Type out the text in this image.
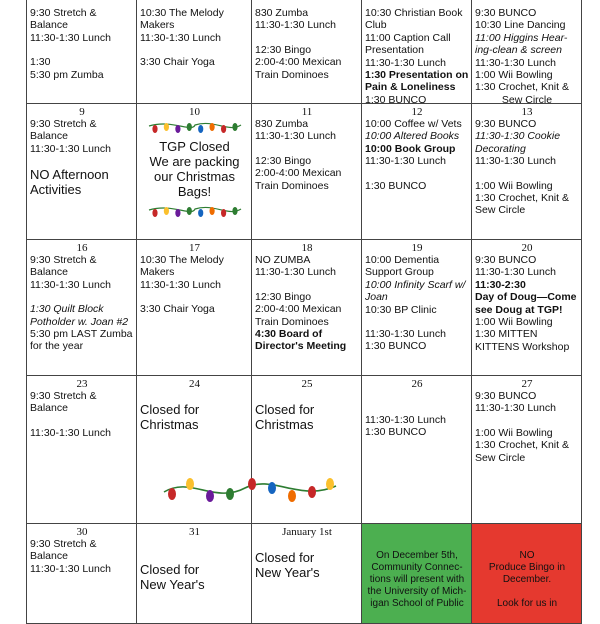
9:30 Stretch &
Balance
11:30-1:30 Lunch
1:30
5:30 pm Zumba
10:30 The Melody
Makers
11:30-1:30 Lunch
3:30 Chair Yoga
830 Zumba
11:30-1:30 Lunch
12:30 Bingo
2:00-4:00 Mexican
Train Dominoes
10:30 Christian Book
Club
11:00 Caption Call
Presentation
11:30-1:30 Lunch
1:30 Presentation on
Pain & Loneliness
1:30 BUNCO
9:30 BUNCO
10:30 Line Dancing
11:00 Higgins Hear-
ing-clean & screen
11:30-1:30 Lunch
1:00 Wii Bowling
1:30 Crochet, Knit &
Sew Circle
9
9:30 Stretch &
Balance
11:30-1:30 Lunch
NO Afternoon
Activities
10
TGP Closed
We are packing
our Christmas
Bags!
11
830 Zumba
11:30-1:30 Lunch
12:30 Bingo
2:00-4:00 Mexican
Train Dominoes
12
10:00 Coffee w/ Vets
10:00 Altered Books
10:00 Book Group
11:30-1:30 Lunch
1:30 BUNCO
13
9:30 BUNCO
11:30-1:30 Cookie
Decorating
11:30-1:30 Lunch
1:00 Wii Bowling
1:30 Crochet, Knit &
Sew Circle
16
9:30 Stretch &
Balance
11:30-1:30 Lunch
1:30 Quilt Block
Potholder w. Joan #2
5:30 pm LAST Zumba
for the year
17
10:30 The Melody
Makers
11:30-1:30 Lunch
3:30 Chair Yoga
18
NO ZUMBA
11:30-1:30 Lunch
12:30 Bingo
2:00-4:00 Mexican
Train Dominoes
4:30 Board of
Director's Meeting
19
10:00 Dementia
Support Group
10:00 Infinity Scarf w/
Joan
10:30 BP Clinic
11:30-1:30 Lunch
1:30 BUNCO
20
9:30 BUNCO
11:30-1:30 Lunch
11:30-2:30
Day of Doug—Come
see Doug at TGP!
1:00 Wii Bowling
1:30 MITTEN
KITTENS Workshop
23
9:30 Stretch &
Balance
11:30-1:30 Lunch
24
Closed for
Christmas
25
Closed for
Christmas
26
11:30-1:30 Lunch
1:30 BUNCO
27
9:30 BUNCO
11:30-1:30 Lunch
1:00 Wii Bowling
1:30 Crochet, Knit &
Sew Circle
30
9:30 Stretch &
Balance
11:30-1:30 Lunch
31
Closed for
New Year's
January 1st
Closed for
New Year's
On December 5th,
Community Connec-
tions will present with
the University of Mich-
igan School of Public
NO
Produce Bingo in
December.
Look for us in
